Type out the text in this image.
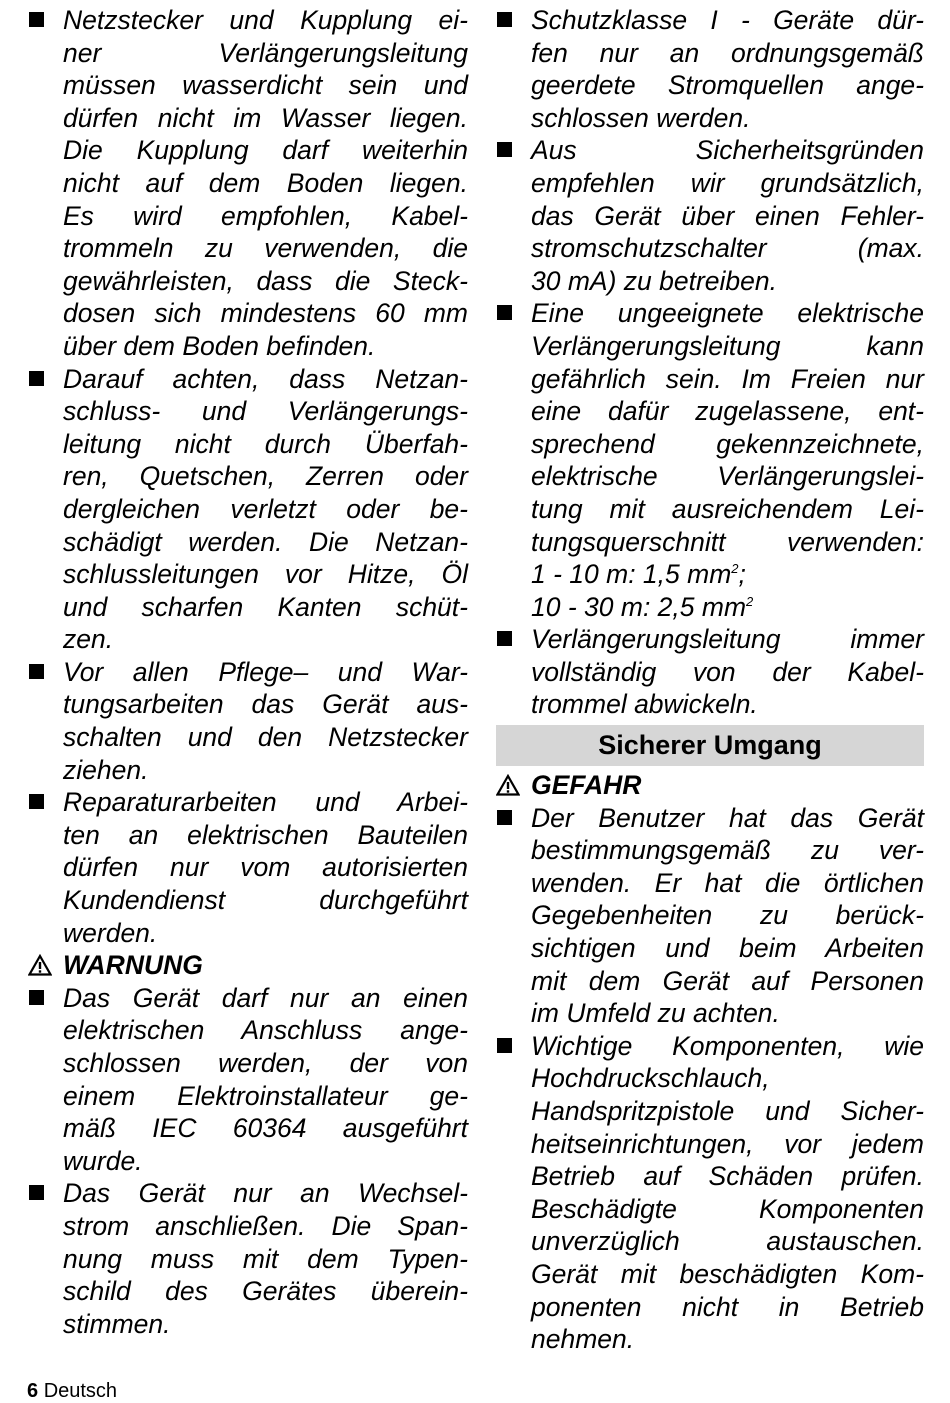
Netzstecker und Kupplung ei-
ner Verlängerungsleitung
müssen wasserdicht sein und
dürfen nicht im Wasser liegen.
Die Kupplung darf weiterhin
nicht auf dem Boden liegen.
Es wird empfohlen, Kabel-
trommeln zu verwenden, die
gewährleisten, dass die Steck-
dosen sich mindestens 60 mm
über dem Boden befinden.
Darauf achten, dass Netzan-
schluss- und Verlängerungs-
leitung nicht durch Überfah-
ren, Quetschen, Zerren oder
dergleichen verletzt oder be-
schädigt werden. Die Netzan-
schlussleitungen vor Hitze, Öl
und scharfen Kanten schüt-
zen.
Vor allen Pflege– und War-
tungsarbeiten das Gerät aus-
schalten und den Netzstecker
ziehen.
Reparaturarbeiten und Arbei-
ten an elektrischen Bauteilen
dürfen nur vom autorisierten
Kundendienst durchgeführt
werden.
WARNUNG
Das Gerät darf nur an einen
elektrischen Anschluss ange-
schlossen werden, der von
einem Elektroinstallateur ge-
mäß IEC 60364 ausgeführt
wurde.
Das Gerät nur an Wechsel-
strom anschließen. Die Span-
nung muss mit dem Typen-
schild des Gerätes überein-
stimmen.
Schutzklasse I - Geräte dür-
fen nur an ordnungsgemäß
geerdete Stromquellen ange-
schlossen werden.
Aus Sicherheitsgründen
empfehlen wir grundsätzlich,
das Gerät über einen Fehler-
stromschutzschalter (max.
30 mA) zu betreiben.
Eine ungeeignete elektrische
Verlängerungsleitung kann
gefährlich sein. Im Freien nur
eine dafür zugelassene, ent-
sprechend gekennzeichnete,
elektrische Verlängerungslei-
tung mit ausreichendem Lei-
tungsquerschnitt verwenden:
1 - 10 m: 1,5 $mm^2$;
10 - 30 m: 2,5 $mm^2$
Verlängerungsleitung immer
vollständig von der Kabel-
trommel abwickeln.
Sicherer Umgang
GEFAHR
Der Benutzer hat das Gerät
bestimmungsgemäß zu ver-
wenden. Er hat die örtlichen
Gegebenheiten zu berück-
sichtigen und beim Arbeiten
mit dem Gerät auf Personen
im Umfeld zu achten.
Wichtige Komponenten, wie
Hochdruckschlauch,
Handspritzpistole und Sicher-
heitseinrichtungen, vor jedem
Betrieb auf Schäden prüfen.
Beschädigte Komponenten
unverzüglich austauschen.
Gerät mit beschädigten Kom-
ponenten nicht in Betrieb
nehmen.
6 Deutsch
